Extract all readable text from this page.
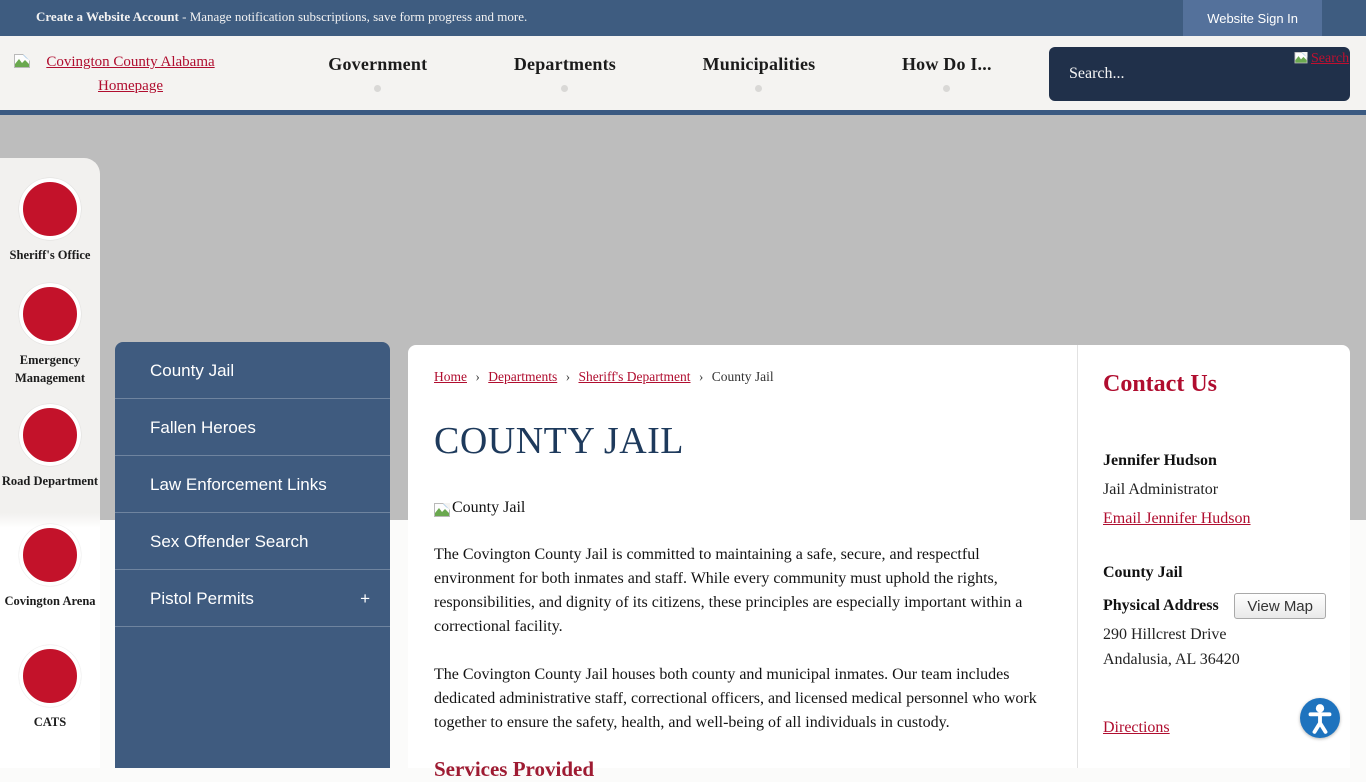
Create a Website Account - Manage notification subscriptions, save form progress and more.	Website Sign In
Covington County Alabama Homepage
Government	Departments	Municipalities	How Do I...
Search...	Search
Sheriff's Office
Emergency Management
Road Department
Covington Arena
CATS
County Jail
Fallen Heroes
Law Enforcement Links
Sex Offender Search
Pistol Permits	+
Home › Departments › Sheriff's Department › County Jail
COUNTY JAIL
County Jail

The Covington County Jail is committed to maintaining a safe, secure, and respectful environment for both inmates and staff. While every community must uphold the rights, responsibilities, and dignity of its citizens, these principles are especially important within a correctional facility.

The Covington County Jail houses both county and municipal inmates. Our team includes dedicated administrative staff, correctional officers, and licensed medical personnel who work together to ensure the safety, health, and well-being of all individuals in custody.

Services Provided
Contact Us
Jennifer Hudson
Jail Administrator
Email Jennifer Hudson
County Jail
Physical Address	View Map
290 Hillcrest Drive
Andalusia, AL 36420
Directions
